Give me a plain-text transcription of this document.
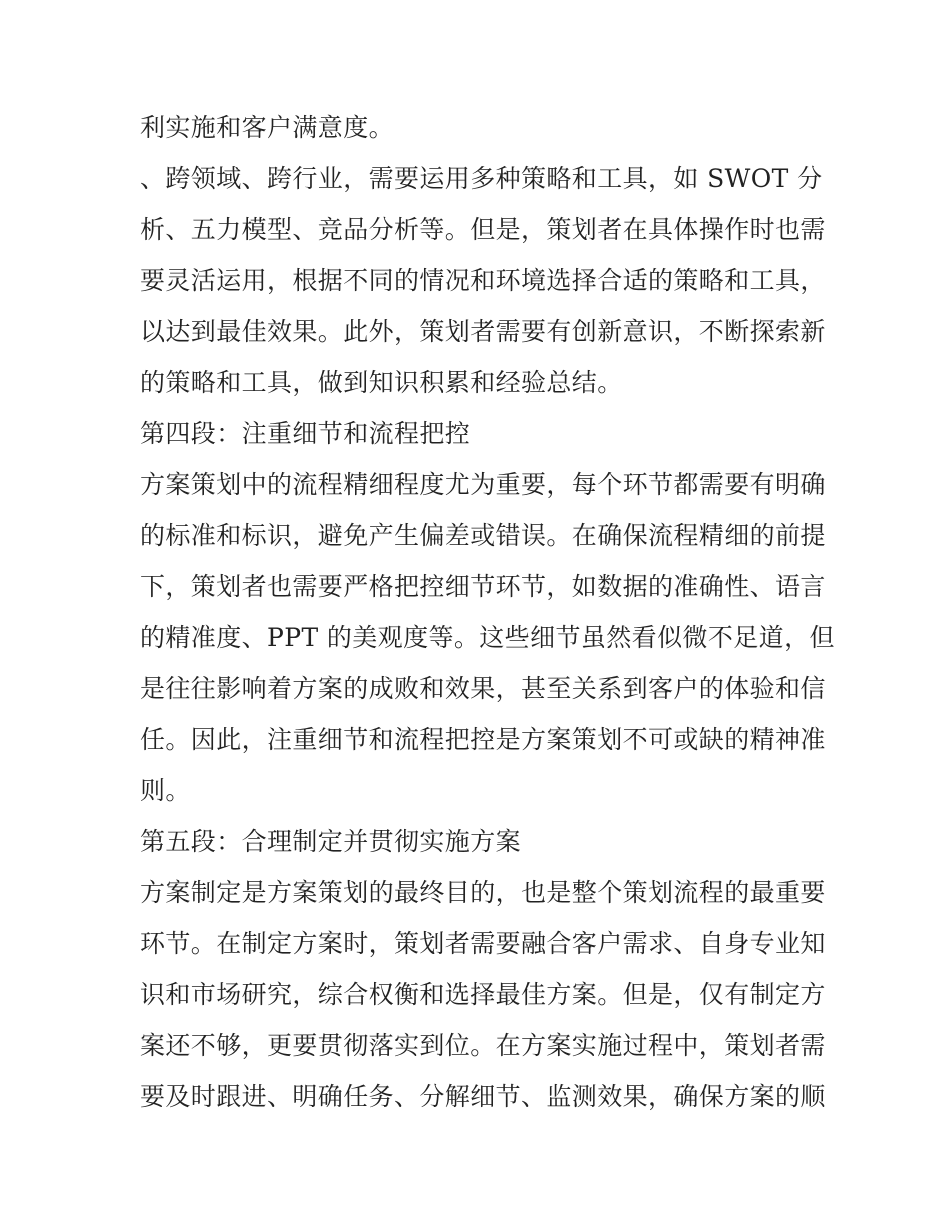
利实施和客户满意度。

、跨领域、跨行业，需要运用多种策略和工具，如 SWOT 分

析、五力模型、竞品分析等。但是，策划者在具体操作时也需

要灵活运用，根据不同的情况和环境选择合适的策略和工具，

以达到最佳效果。此外，策划者需要有创新意识，不断探索新

的策略和工具，做到知识积累和经验总结。

第四段：注重细节和流程把控

方案策划中的流程精细程度尤为重要，每个环节都需要有明确

的标准和标识，避免产生偏差或错误。在确保流程精细的前提

下，策划者也需要严格把控细节环节，如数据的准确性、语言

的精准度、PPT 的美观度等。这些细节虽然看似微不足道，但

是往往影响着方案的成败和效果，甚至关系到客户的体验和信

任。因此，注重细节和流程把控是方案策划不可或缺的精神准

则。

第五段：合理制定并贯彻实施方案

方案制定是方案策划的最终目的，也是整个策划流程的最重要

环节。在制定方案时，策划者需要融合客户需求、自身专业知

识和市场研究，综合权衡和选择最佳方案。但是，仅有制定方

案还不够，更要贯彻落实到位。在方案实施过程中，策划者需

要及时跟进、明确任务、分解细节、监测效果，确保方案的顺
